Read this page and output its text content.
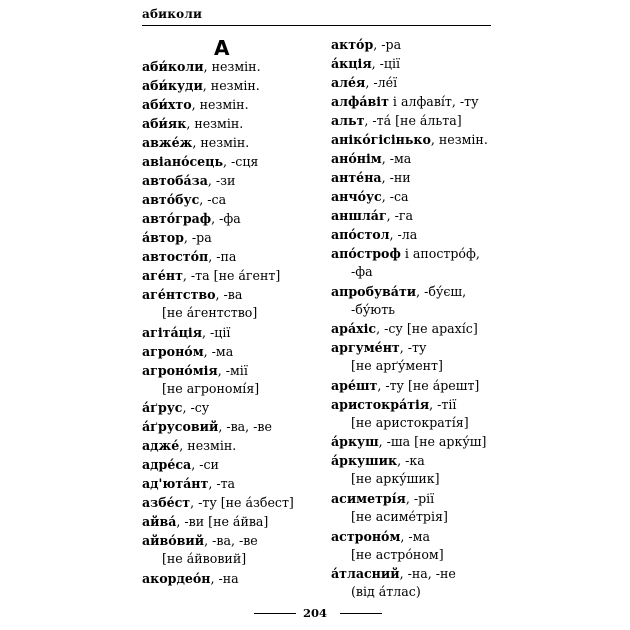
абиколи
А
аби́коли, незмін.
аби́куди, незмін.
аби́хто, незмін.
аби́як, незмін.
авже́ж, незмін.
авіано́сець, -сця
автоба́за, -зи
авто́бус, -са
авто́граф, -фа
а́втор, -ра
автосто́п, -па
аге́нт, -та [не а́гент]
аге́нтство, -ва
[не а́гентство]
агіта́ція, -ції
агроно́м, -ма
агроно́мія, -мії
[не агрономі́я]
а́ґрус, -су
а́ґрусовий, -ва, -ве
адже́, незмін.
адре́са, -си
ад'юта́нт, -та
азбе́ст, -ту [не а́збест]
айва́, -ви [не а́йва]
айво́вий, -ва, -ве
[не а́йвовий]
акордео́н, -на
акто́р, -ра
а́кція, -ції
але́я, -ле́ї
алфа́віт і алфаві́т, -ту
альт, -та́ [не а́льта]
аніко́гісінько, незмін.
ано́нім, -ма
анте́на, -ни
анчо́ус, -са
аншла́г, -га
апо́стол, -ла
апо́строф і апостро́ф,
-фа
апробува́ти, -бу́єш,
-бу́ють
ара́хіс, -су [не арахі́с]
аргуме́нт, -ту
[не арґу́мент]
аре́шт, -ту [не а́решт]
аристокра́тія, -тії
[не аристократі́я]
а́ркуш, -ша [не арку́ш]
а́ркушик, -ка
[не арку́шик]
асиметрі́я, -рії
[не асиме́трія]
астроно́м, -ма
[не астро́ном]
а́тласний, -на, -не
(від а́тлас)
204
